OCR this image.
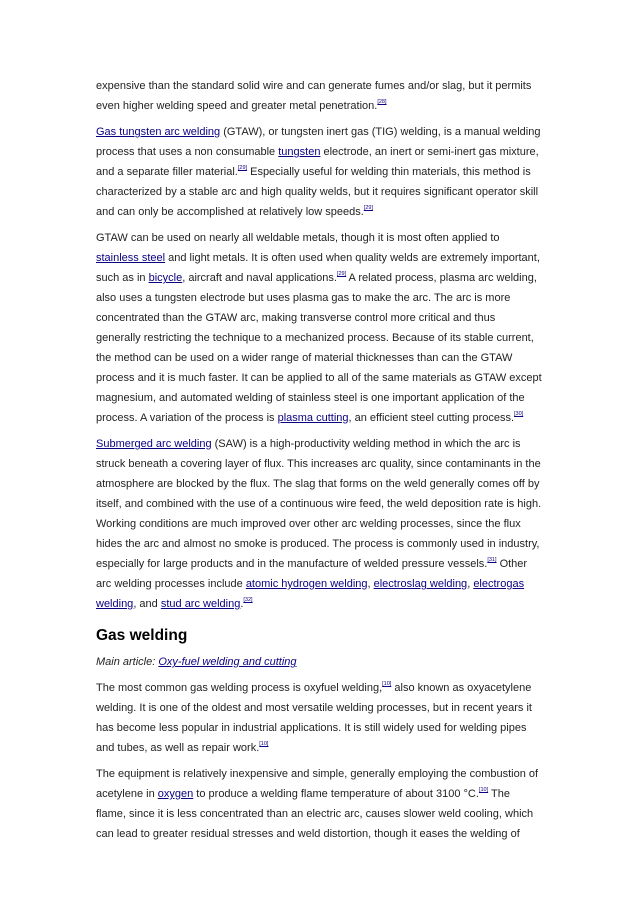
expensive than the standard solid wire and can generate fumes and/or slag, but it permits even higher welding speed and greater metal penetration.[28]

Gas tungsten arc welding (GTAW), or tungsten inert gas (TIG) welding, is a manual welding process that uses a non consumable tungsten electrode, an inert or semi-inert gas mixture, and a separate filler material.[29] Especially useful for welding thin materials, this method is characterized by a stable arc and high quality welds, but it requires significant operator skill and can only be accomplished at relatively low speeds.[29]

GTAW can be used on nearly all weldable metals, though it is most often applied to stainless steel and light metals. It is often used when quality welds are extremely important, such as in bicycle, aircraft and naval applications.[29] A related process, plasma arc welding, also uses a tungsten electrode but uses plasma gas to make the arc. The arc is more concentrated than the GTAW arc, making transverse control more critical and thus generally restricting the technique to a mechanized process. Because of its stable current, the method can be used on a wider range of material thicknesses than can the GTAW process and it is much faster. It can be applied to all of the same materials as GTAW except magnesium, and automated welding of stainless steel is one important application of the process. A variation of the process is plasma cutting, an efficient steel cutting process.[30]

Submerged arc welding (SAW) is a high-productivity welding method in which the arc is struck beneath a covering layer of flux. This increases arc quality, since contaminants in the atmosphere are blocked by the flux. The slag that forms on the weld generally comes off by itself, and combined with the use of a continuous wire feed, the weld deposition rate is high. Working conditions are much improved over other arc welding processes, since the flux hides the arc and almost no smoke is produced. The process is commonly used in industry, especially for large products and in the manufacture of welded pressure vessels.[31] Other arc welding processes include atomic hydrogen welding, electroslag welding, electrogas welding, and stud arc welding.[32]

Gas welding
Main article: Oxy-fuel welding and cutting

The most common gas welding process is oxyfuel welding,[10] also known as oxyacetylene welding. It is one of the oldest and most versatile welding processes, but in recent years it has become less popular in industrial applications. It is still widely used for welding pipes and tubes, as well as repair work.[10]

The equipment is relatively inexpensive and simple, generally employing the combustion of acetylene in oxygen to produce a welding flame temperature of about 3100 °C.[10] The flame, since it is less concentrated than an electric arc, causes slower weld cooling, which can lead to greater residual stresses and weld distortion, though it eases the welding of
